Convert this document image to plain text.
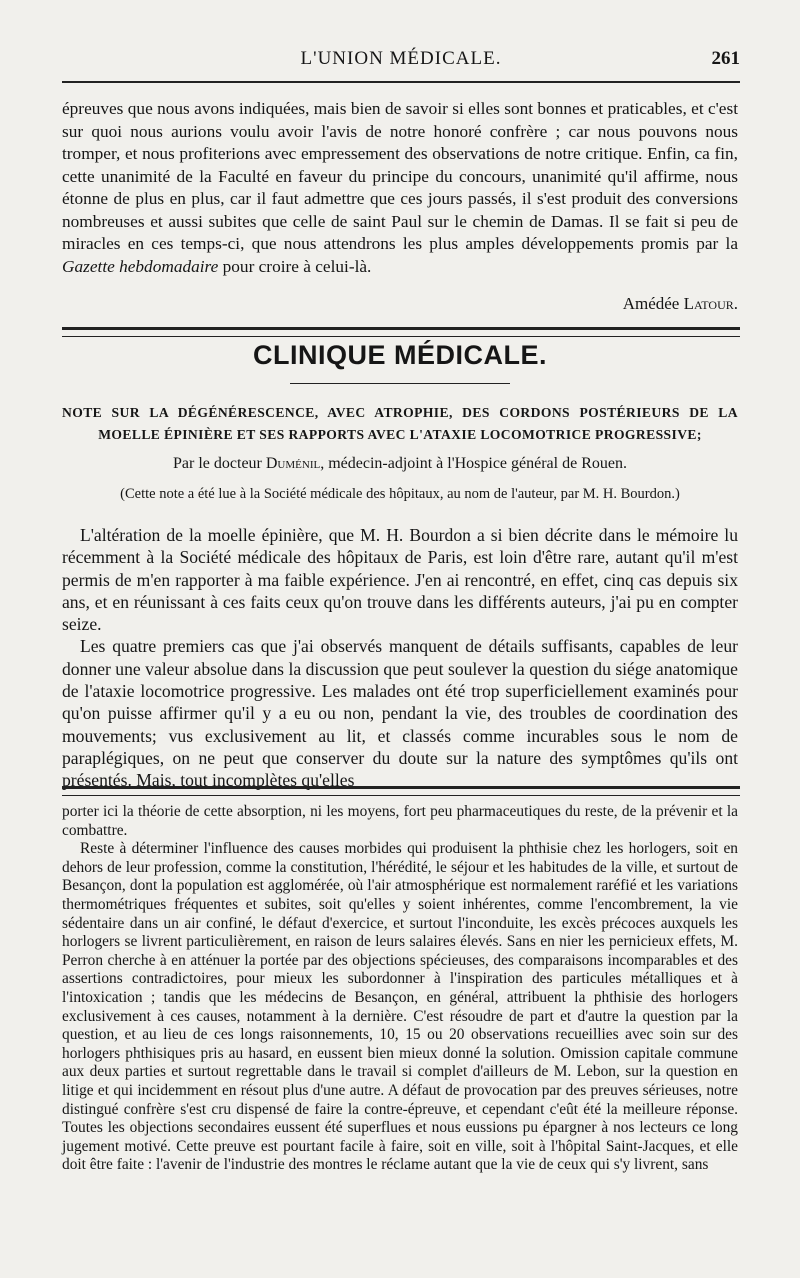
L'UNION MÉDICALE.	261
épreuves que nous avons indiquées, mais bien de savoir si elles sont bonnes et praticables, et c'est sur quoi nous aurions voulu avoir l'avis de notre honoré confrère ; car nous pouvons nous tromper, et nous profiterions avec empressement des observations de notre critique. Enfin, ca fin, cette unanimité de la Faculté en faveur du principe du concours, unanimité qu'il affirme, nous étonne de plus en plus, car il faut admettre que ces jours passés, il s'est produit des conversions nombreuses et aussi subites que celle de saint Paul sur le chemin de Damas. Il se fait si peu de miracles en ces temps-ci, que nous attendrons les plus amples développements promis par la Gazette hebdomadaire pour croire à celui-là.
Amédée Latour.
CLINIQUE MÉDICALE.
NOTE SUR LA DÉGÉNÉRESCENCE, AVEC ATROPHIE, DES CORDONS POSTÉRIEURS DE LA MOELLE ÉPINIÈRE ET SES RAPPORTS AVEC L'ATAXIE LOCOMOTRICE PROGRESSIVE;
Par le docteur Duménil, médecin-adjoint à l'Hospice général de Rouen.
(Cette note a été lue à la Société médicale des hôpitaux, au nom de l'auteur, par M. H. Bourdon.)

L'altération de la moelle épinière, que M. H. Bourdon a si bien décrite dans le mémoire lu récemment à la Société médicale des hôpitaux de Paris, est loin d'être rare, autant qu'il m'est permis de m'en rapporter à ma faible expérience. J'en ai rencontré, en effet, cinq cas depuis six ans, et en réunissant à ces faits ceux qu'on trouve dans les différents auteurs, j'ai pu en compter seize.

Les quatre premiers cas que j'ai observés manquent de détails suffisants, capables de leur donner une valeur absolue dans la discussion que peut soulever la question du siége anatomique de l'ataxie locomotrice progressive. Les malades ont été trop superficiellement examinés pour qu'on puisse affirmer qu'il y a eu ou non, pendant la vie, des troubles de coordination des mouvements; vus exclusivement au lit, et classés comme incurables sous le nom de paraplégiques, on ne peut que conserver du doute sur la nature des symptômes qu'ils ont présentés. Mais, tout incomplètes qu'elles

porter ici la théorie de cette absorption, ni les moyens, fort peu pharmaceutiques du reste, de la prévenir et la combattre.

Reste à déterminer l'influence des causes morbides qui produisent la phthisie chez les horlogers, soit en dehors de leur profession, comme la constitution, l'hérédité, le séjour et les habitudes de la ville, et surtout de Besançon, dont la population est agglomérée, où l'air atmosphérique est normalement raréfié et les variations thermométriques fréquentes et subites, soit qu'elles y soient inhérentes, comme l'encombrement, la vie sédentaire dans un air confiné, le défaut d'exercice, et surtout l'inconduite, les excès précoces auxquels les horlogers se livrent particulièrement, en raison de leurs salaires élevés. Sans en nier les pernicieux effets, M. Perron cherche à en atténuer la portée par des objections spécieuses, des comparaisons incomparables et des assertions contradictoires, pour mieux les subordonner à l'inspiration des particules métalliques et à l'intoxication ; tandis que les médecins de Besançon, en général, attribuent la phthisie des horlogers exclusivement à ces causes, notamment à la dernière. C'est résoudre de part et d'autre la question par la question, et au lieu de ces longs raisonnements, 10, 15 ou 20 observations recueillies avec soin sur des horlogers phthisiques pris au hasard, en eussent bien mieux donné la solution. Omission capitale commune aux deux parties et surtout regrettable dans le travail si complet d'ailleurs de M. Lebon, sur la question en litige et qui incidemment en résout plus d'une autre. A défaut de provocation par des preuves sérieuses, notre distingué confrère s'est cru dispensé de faire la contre-épreuve, et cependant c'eût été la meilleure réponse. Toutes les objections secondaires eussent été superflues et nous eussions pu épargner à nos lecteurs ce long jugement motivé. Cette preuve est pourtant facile à faire, soit en ville, soit à l'hôpital Saint-Jacques, et elle doit être faite : l'avenir de l'industrie des montres le réclame autant que la vie de ceux qui s'y livrent, sans
